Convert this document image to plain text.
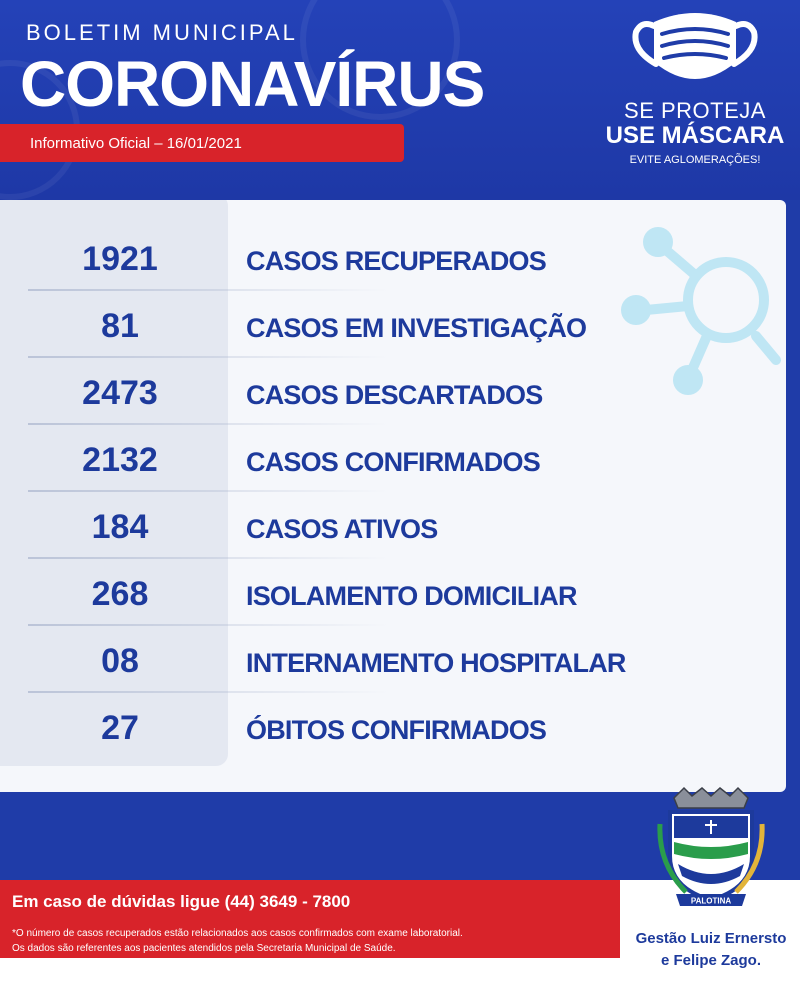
BOLETIM MUNICIPAL
CORONAVÍRUS
Informativo Oficial – 16/01/2021
SE PROTEJA
USE MÁSCARA
EVITE AGLOMERAÇÕES!
1921	CASOS RECUPERADOS
81	CASOS EM INVESTIGAÇÃO
2473	CASOS DESCARTADOS
2132	CASOS CONFIRMADOS
184	CASOS ATIVOS
268	ISOLAMENTO DOMICILIAR
08	INTERNAMENTO HOSPITALAR
27	ÓBITOS CONFIRMADOS
Em caso de dúvidas ligue (44) 3649 - 7800
*O número de casos recuperados estão relacionados aos casos confirmados com exame laboratorial.
Os dados são referentes aos pacientes atendidos pela Secretaria Municipal de Saúde.
PALOTINA
Gestão Luiz Ernersto
e Felipe Zago.
